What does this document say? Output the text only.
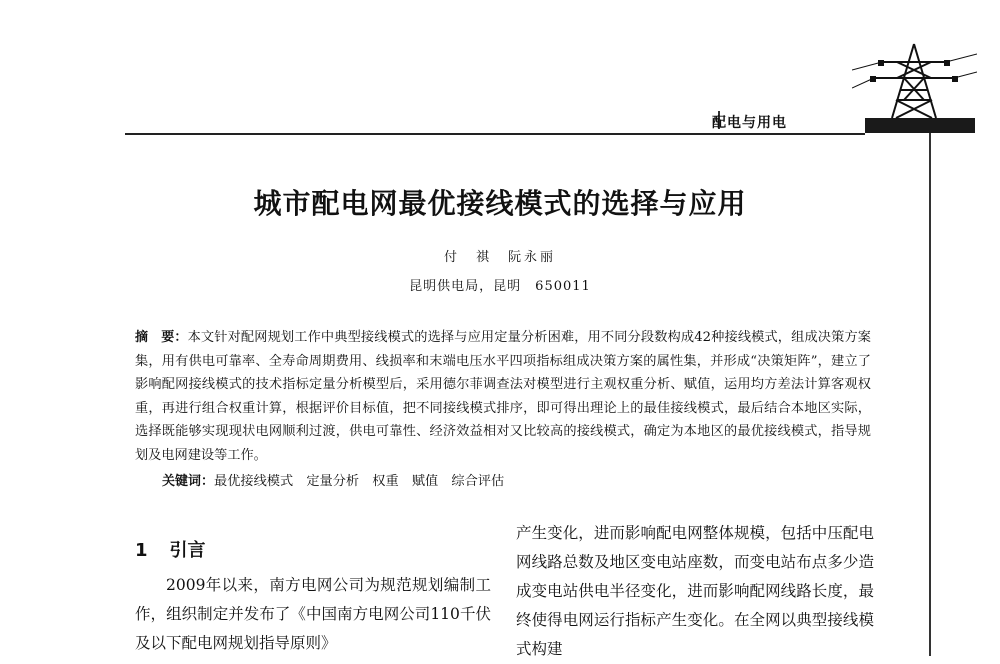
配电与用电
城市配电网最优接线模式的选择与应用
付　祺　阮永丽
昆明供电局，昆明　650011
摘　要：本文针对配网规划工作中典型接线模式的选择与应用定量分析困难，用不同分段数构成42种接线模式，组成决策方案集，用有供电可靠率、全寿命周期费用、线损率和末端电压水平四项指标组成决策方案的属性集，并形成“决策矩阵”，建立了影响配网接线模式的技术指标定量分析模型后，采用德尔菲调查法对模型进行主观权重分析、赋值，运用均方差法计算客观权重，再进行组合权重计算，根据评价目标值，把不同接线模式排序，即可得出理论上的最佳接线模式，最后结合本地区实际，选择既能够实现现状电网顺利过渡，供电可靠性、经济效益相对又比较高的接线模式，确定为本地区的最优接线模式，指导规划及电网建设等工作。
关键词：最优接线模式　定量分析　权重　赋值　综合评估
1 引言
2009年以来，南方电网公司为规范规划编制工作，组织制定并发布了《中国南方电网公司110千伏及以下配电网规划指导原则》
产生变化，进而影响配电网整体规模，包括中压配电网线路总数及地区变电站座数，而变电站布点多少造成变电站供电半径变化，进而影响配网线路长度，最终使得电网运行指标产生变化。在全网以典型接线模式构建
